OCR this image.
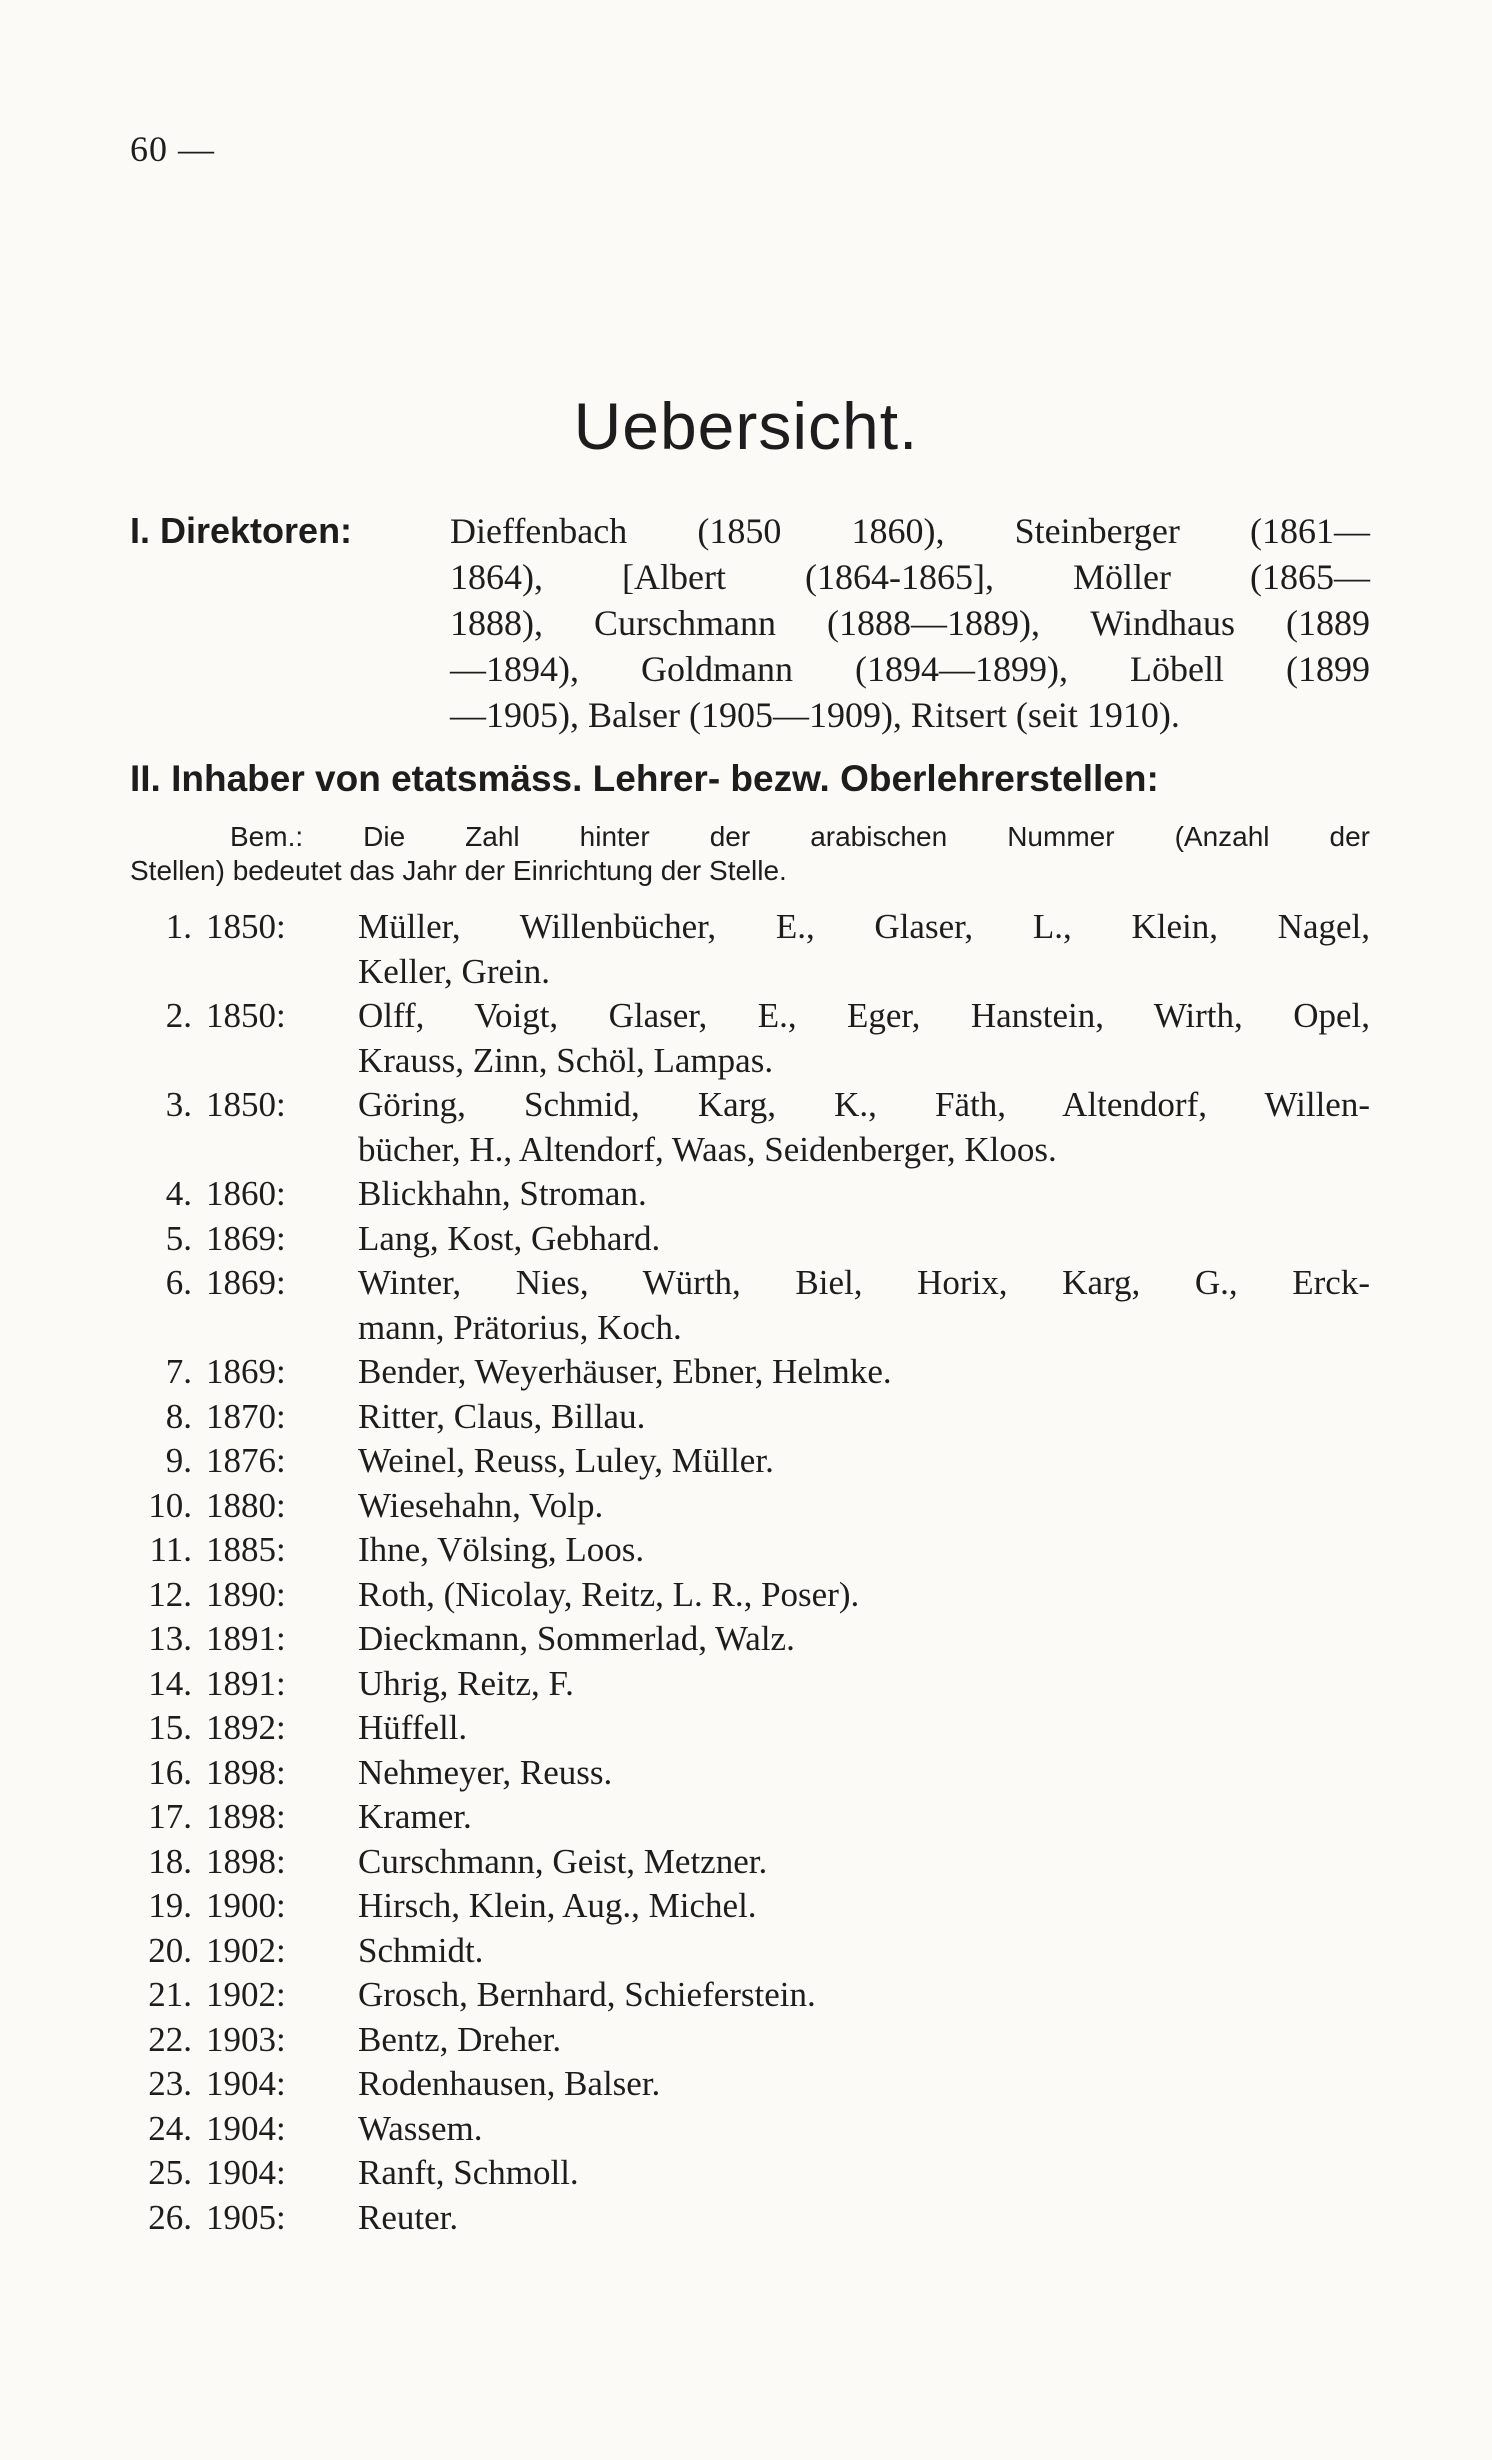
60 —
Uebersicht.
I. Direktoren:	Dieffenbach (1850 1860), Steinberger (1861—
1864), [Albert (1864-1865], Möller (1865—
1888), Curschmann (1888—1889), Windhaus (1889
—1894), Goldmann (1894—1899), Löbell (1899
—1905), Balser (1905—1909), Ritsert (seit 1910).
II. Inhaber von etatsmäss. Lehrer- bezw. Oberlehrerstellen:
Bem.: Die Zahl hinter der arabischen Nummer (Anzahl der
Stellen) bedeutet das Jahr der Einrichtung der Stelle.
1. 1850:	Müller, Willenbücher, E., Glaser, L., Klein, Nagel,
Keller, Grein.
2. 1850:	Olff, Voigt, Glaser, E., Eger, Hanstein, Wirth, Opel,
Krauss, Zinn, Schöl, Lampas.
3. 1850:	Göring, Schmid, Karg, K., Fäth, Altendorf, Willen-
bücher, H., Altendorf, Waas, Seidenberger, Kloos.
4. 1860:	Blickhahn, Stroman.
5. 1869:	Lang, Kost, Gebhard.
6. 1869:	Winter, Nies, Würth, Biel, Horix, Karg, G., Erck-
mann, Prätorius, Koch.
7. 1869:	Bender, Weyerhäuser, Ebner, Helmke.
8. 1870:	Ritter, Claus, Billau.
9. 1876:	Weinel, Reuss, Luley, Müller.
10. 1880:	Wiesehahn, Volp.
11. 1885:	Ihne, Völsing, Loos.
12. 1890:	Roth, (Nicolay, Reitz, L. R., Poser).
13. 1891:	Dieckmann, Sommerlad, Walz.
14. 1891:	Uhrig, Reitz, F.
15. 1892:	Hüffell.
16. 1898:	Nehmeyer, Reuss.
17. 1898:	Kramer.
18. 1898:	Curschmann, Geist, Metzner.
19. 1900:	Hirsch, Klein, Aug., Michel.
20. 1902:	Schmidt.
21. 1902:	Grosch, Bernhard, Schieferstein.
22. 1903:	Bentz, Dreher.
23. 1904:	Rodenhausen, Balser.
24. 1904:	Wassem.
25. 1904:	Ranft, Schmoll.
26. 1905:	Reuter.
